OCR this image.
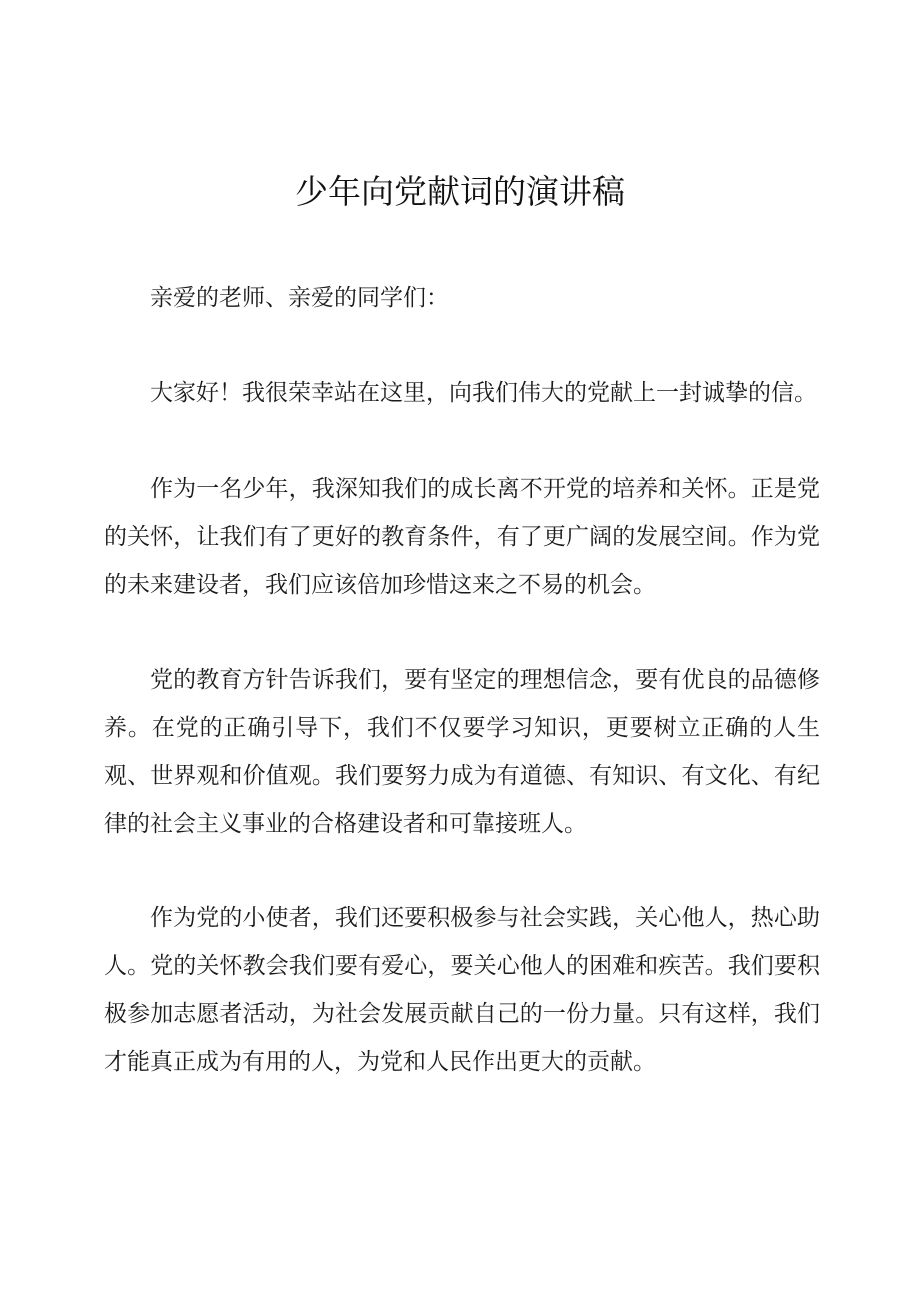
少年向党献词的演讲稿

亲爱的老师、亲爱的同学们：

大家好！我很荣幸站在这里，向我们伟大的党献上一封诚挚的信。

作为一名少年，我深知我们的成长离不开党的培养和关怀。正是党的关怀，让我们有了更好的教育条件，有了更广阔的发展空间。作为党的未来建设者，我们应该倍加珍惜这来之不易的机会。

党的教育方针告诉我们，要有坚定的理想信念，要有优良的品德修养。在党的正确引导下，我们不仅要学习知识，更要树立正确的人生观、世界观和价值观。我们要努力成为有道德、有知识、有文化、有纪律的社会主义事业的合格建设者和可靠接班人。

作为党的小使者，我们还要积极参与社会实践，关心他人，热心助人。党的关怀教会我们要有爱心，要关心他人的困难和疾苦。我们要积极参加志愿者活动，为社会发展贡献自己的一份力量。只有这样，我们才能真正成为有用的人，为党和人民作出更大的贡献。
